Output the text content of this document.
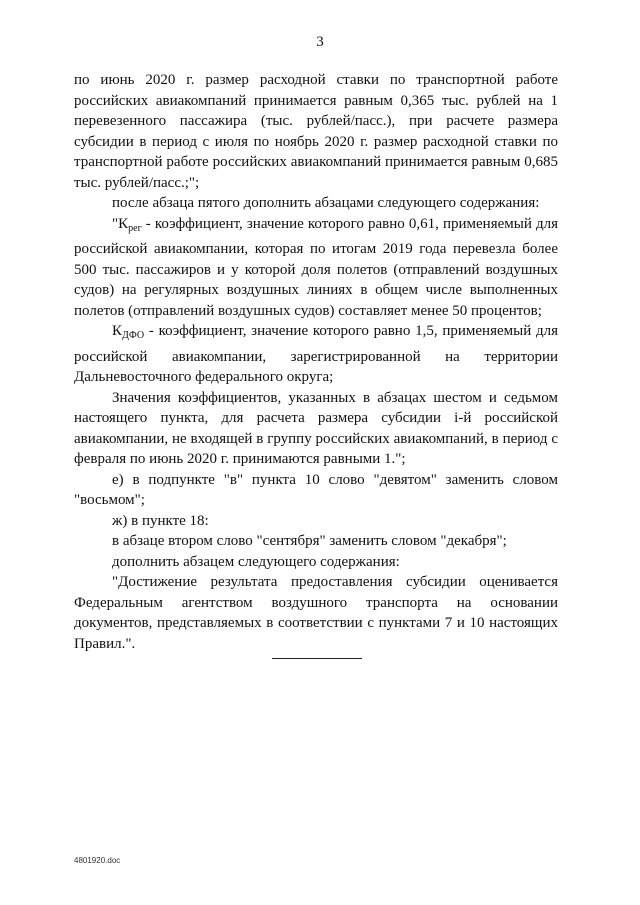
3

по июнь 2020 г. размер расходной ставки по транспортной работе российских авиакомпаний принимается равным 0,365 тыс. рублей на 1 перевезенного пассажира (тыс. рублей/пасс.), при расчете размера субсидии в период с июля по ноябрь 2020 г. размер расходной ставки по транспортной работе российских авиакомпаний принимается равным 0,685 тыс. рублей/пасс.;";

после абзаца пятого дополнить абзацами следующего содержания:

"$К_{рег}$ - коэффициент, значение которого равно 0,61, применяемый для российской авиакомпании, которая по итогам 2019 года перевезла более 500 тыс. пассажиров и у которой доля полетов (отправлений воздушных судов) на регулярных воздушных линиях в общем числе выполненных полетов (отправлений воздушных судов) составляет менее 50 процентов;

$К_{ДФО}$ - коэффициент, значение которого равно 1,5, применяемый для российской авиакомпании, зарегистрированной на территории Дальневосточного федерального округа;

Значения коэффициентов, указанных в абзацах шестом и седьмом настоящего пункта, для расчета размера субсидии i-й российской авиакомпании, не входящей в группу российских авиакомпаний, в период с февраля по июнь 2020 г. принимаются равными 1.";

е) в подпункте "в" пункта 10 слово "девятом" заменить словом "восьмом";

ж) в пункте 18:

в абзаце втором слово "сентября" заменить словом "декабря";

дополнить абзацем следующего содержания:

"Достижение результата предоставления субсидии оценивается Федеральным агентством воздушного транспорта на основании документов, представляемых в соответствии с пунктами 7 и 10 настоящих Правил.".

4801920.doc
